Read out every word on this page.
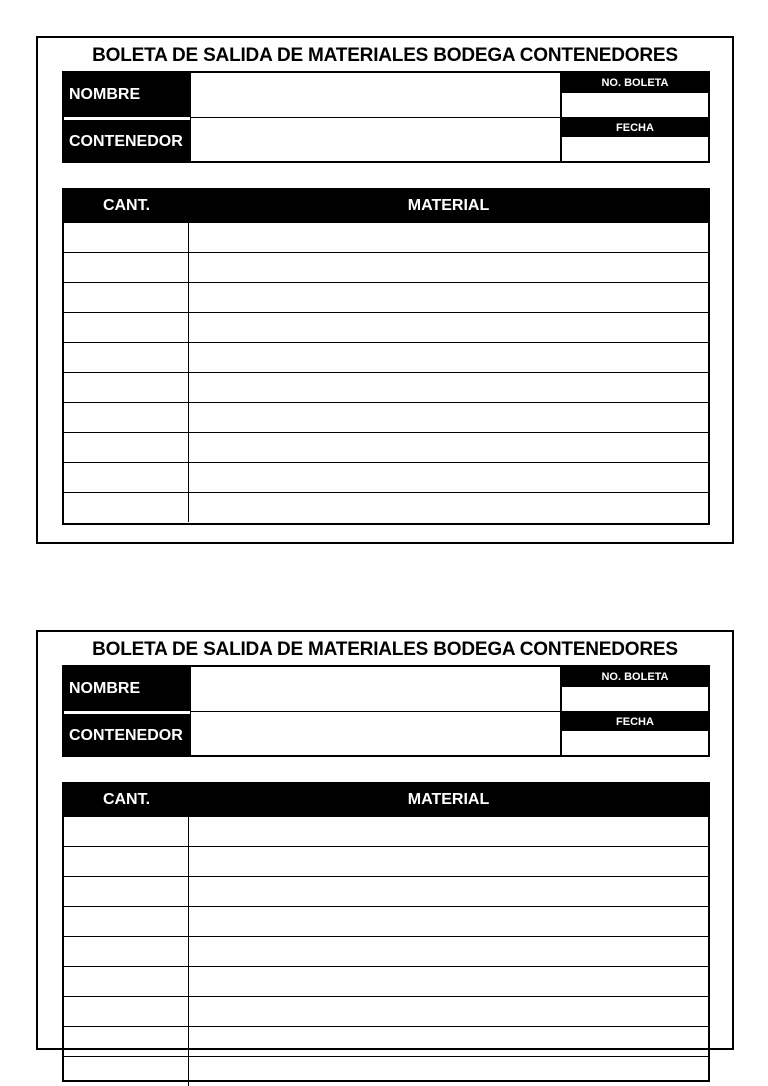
BOLETA DE SALIDA DE MATERIALES BODEGA CONTENEDORES
NOMBRE
CONTENEDOR
NO. BOLETA
FECHA
CANT.	MATERIAL
BOLETA DE SALIDA DE MATERIALES BODEGA CONTENEDORES
NOMBRE
CONTENEDOR
NO. BOLETA
FECHA
CANT.	MATERIAL
